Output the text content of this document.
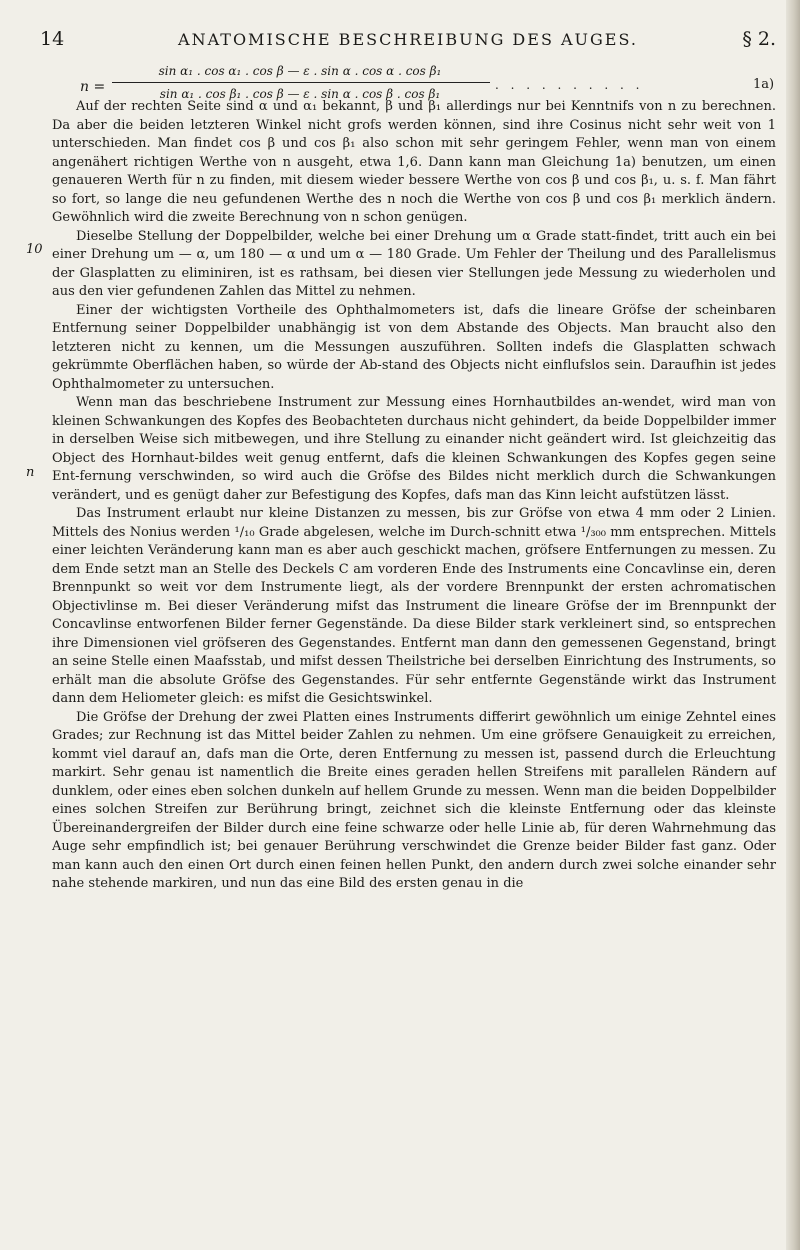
14	ANATOMISCHE BESCHREIBUNG DES AUGES.	§ 2.
n =
sin α₁ . cos α₁ . cos β — ε . sin α . cos α . cos β₁
sin α₁ . cos β₁ . cos β — ε . sin α . cos β . cos β₁
. . . . . . . . . .	1a)
10
n

Auf der rechten Seite sind α und α₁ bekannt, β und β₁ allerdings nur bei Kenntnifs von n zu berechnen. Da aber die beiden letzteren Winkel nicht grofs werden können, sind ihre Cosinus nicht sehr weit von 1 unterschieden. Man findet cos β und cos β₁ also schon mit sehr geringem Fehler, wenn man von einem angenähert richtigen Werthe von n ausgeht, etwa 1,6. Dann kann man Gleichung 1a) benutzen, um einen genaueren Werth für n zu finden, mit diesem wieder bessere Werthe von cos β und cos β₁, u. s. f. Man fährt so fort, so lange die neu gefundenen Werthe des n noch die Werthe von cos β und cos β₁ merklich ändern. Gewöhnlich wird die zweite Berechnung von n schon genügen.

Dieselbe Stellung der Doppelbilder, welche bei einer Drehung um α Grade statt-findet, tritt auch ein bei einer Drehung um — α, um 180 — α und um α — 180 Grade. Um Fehler der Theilung und des Parallelismus der Glasplatten zu eliminiren, ist es rathsam, bei diesen vier Stellungen jede Messung zu wiederholen und aus den vier gefundenen Zahlen das Mittel zu nehmen.

Einer der wichtigsten Vortheile des Ophthalmometers ist, dafs die lineare Gröfse der scheinbaren Entfernung seiner Doppelbilder unabhängig ist von dem Abstande des Objects. Man braucht also den letzteren nicht zu kennen, um die Messungen auszuführen. Sollten indefs die Glasplatten schwach gekrümmte Oberflächen haben, so würde der Ab-stand des Objects nicht einflufslos sein. Daraufhin ist jedes Ophthalmometer zu untersuchen.

Wenn man das beschriebene Instrument zur Messung eines Hornhautbildes an-wendet, wird man von kleinen Schwankungen des Kopfes des Beobachteten durchaus nicht gehindert, da beide Doppelbilder immer in derselben Weise sich mitbewegen, und ihre Stellung zu einander nicht geändert wird. Ist gleichzeitig das Object des Hornhaut-bildes weit genug entfernt, dafs die kleinen Schwankungen des Kopfes gegen seine Ent-fernung verschwinden, so wird auch die Gröfse des Bildes nicht merklich durch die Schwankungen verändert, und es genügt daher zur Befestigung des Kopfes, dafs man das Kinn leicht aufstützen lässt.

Das Instrument erlaubt nur kleine Distanzen zu messen, bis zur Gröfse von etwa 4 mm oder 2 Linien. Mittels des Nonius werden ¹/₁₀ Grade abgelesen, welche im Durch-schnitt etwa ¹/₃₀₀ mm entsprechen. Mittels einer leichten Veränderung kann man es aber auch geschickt machen, gröfsere Entfernungen zu messen. Zu dem Ende setzt man an Stelle des Deckels C am vorderen Ende des Instruments eine Concavlinse ein, deren Brennpunkt so weit vor dem Instrumente liegt, als der vordere Brennpunkt der ersten achromatischen Objectivlinse m. Bei dieser Veränderung mifst das Instrument die lineare Gröfse der im Brennpunkt der Concavlinse entworfenen Bilder ferner Gegenstände. Da diese Bilder stark verkleinert sind, so entsprechen ihre Dimensionen viel gröfseren des Gegenstandes. Entfernt man dann den gemessenen Gegenstand, bringt an seine Stelle einen Maafsstab, und mifst dessen Theilstriche bei derselben Einrichtung des Instruments, so erhält man die absolute Gröfse des Gegenstandes. Für sehr entfernte Gegenstände wirkt das Instrument dann dem Heliometer gleich: es mifst die Gesichtswinkel.

Die Gröfse der Drehung der zwei Platten eines Instruments differirt gewöhnlich um einige Zehntel eines Grades; zur Rechnung ist das Mittel beider Zahlen zu nehmen. Um eine gröfsere Genauigkeit zu erreichen, kommt viel darauf an, dafs man die Orte, deren Entfernung zu messen ist, passend durch die Erleuchtung markirt. Sehr genau ist namentlich die Breite eines geraden hellen Streifens mit parallelen Rändern auf dunklem, oder eines eben solchen dunkeln auf hellem Grunde zu messen. Wenn man die beiden Doppelbilder eines solchen Streifen zur Berührung bringt, zeichnet sich die kleinste Entfernung oder das kleinste Übereinandergreifen der Bilder durch eine feine schwarze oder helle Linie ab, für deren Wahrnehmung das Auge sehr empfindlich ist; bei genauer Berührung verschwindet die Grenze beider Bilder fast ganz. Oder man kann auch den einen Ort durch einen feinen hellen Punkt, den andern durch zwei solche einander sehr nahe stehende markiren, und nun das eine Bild des ersten genau in die
